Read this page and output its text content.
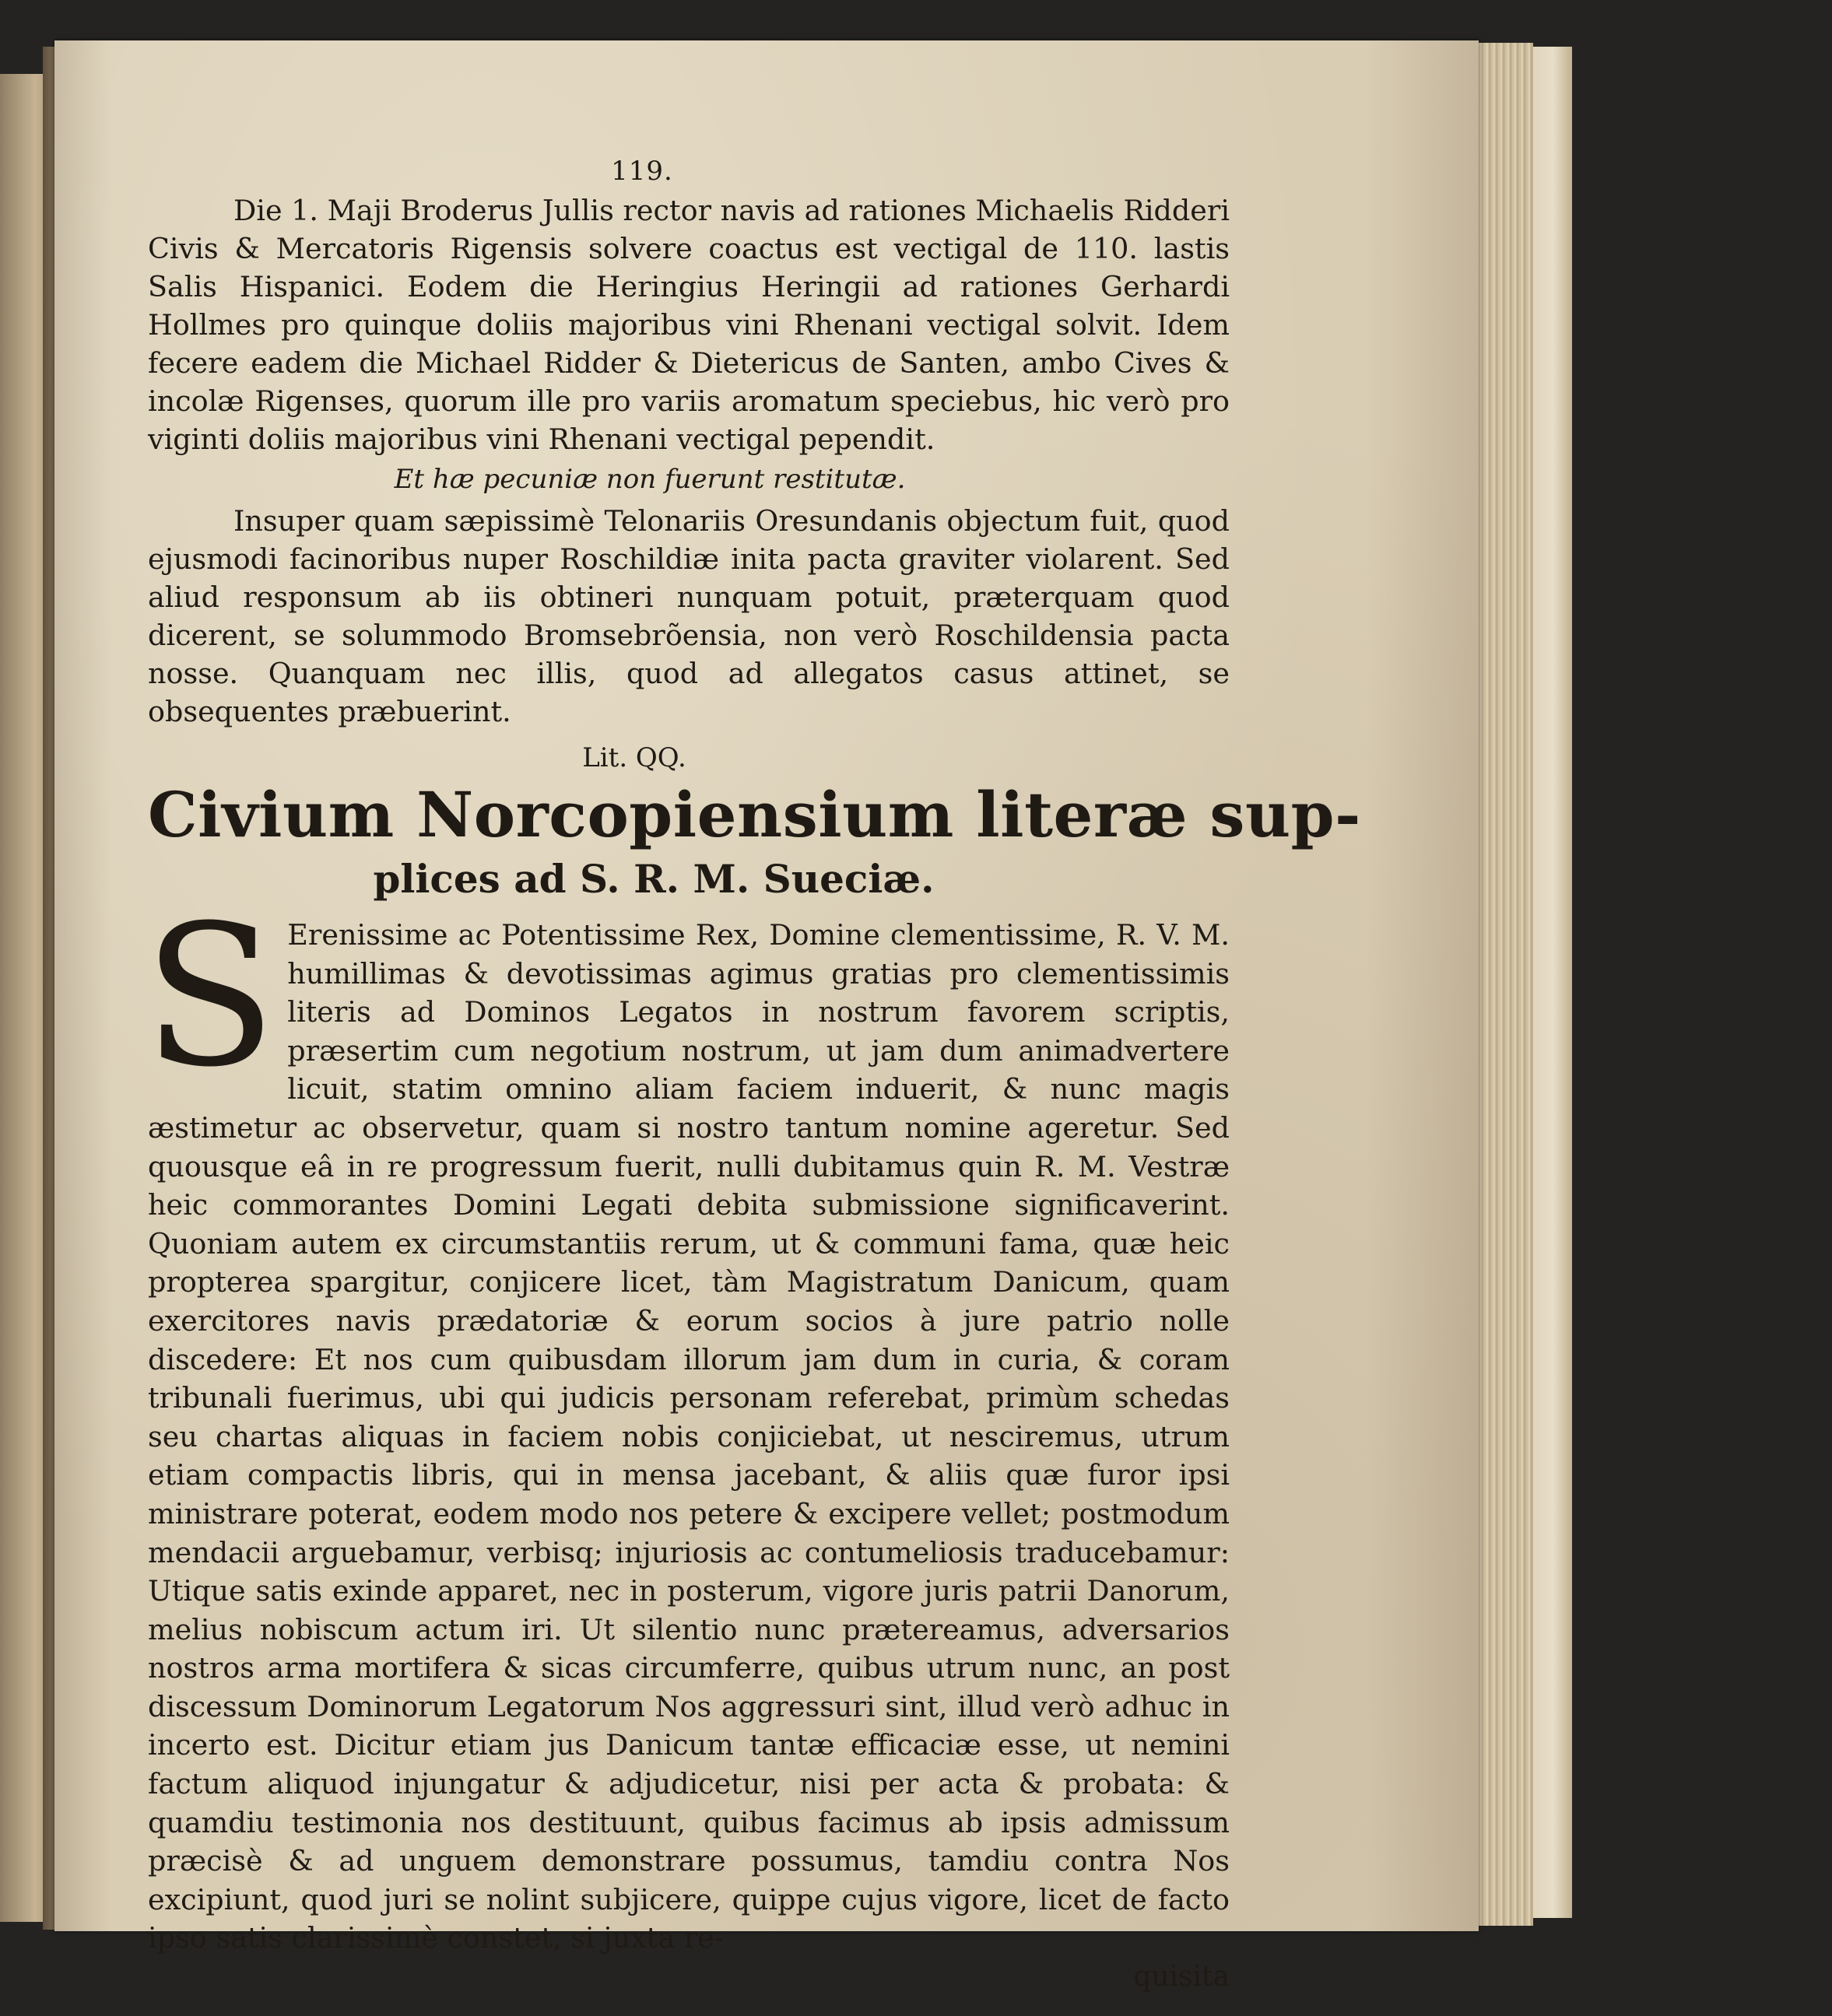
119.

Die 1. Maji Broderus Jullis rector navis ad rationes Michaelis Ridderi Civis & Mercatoris Rigensis solvere coactus est vectigal de 110. lastis Salis Hispanici. Eodem die Heringius Heringii ad rationes Gerhardi Hollmes pro quinque doliis majoribus vini Rhenani vectigal solvit. Idem fecere eadem die Michael Ridder & Dietericus de Santen, ambo Cives & incolæ Rigenses, quorum ille pro variis aromatum speciebus, hic verò pro viginti doliis majoribus vini Rhenani vectigal pependit.

Et hæ pecuniæ non fuerunt restitutæ.

Insuper quam sæpissimè Telonariis Oresundanis objectum fuit, quod ejusmodi facinoribus nuper Roschildiæ inita pacta graviter violarent. Sed aliud responsum ab iis obtineri nunquam potuit, præterquam quod dicerent, se solummodo Bromsebrõensia, non verò Roschildensia pacta nosse. Quanquam nec illis, quod ad allegatos casus attinet, se obsequentes præbuerint.

Lit. QQ.

Civium Norcopiensium literæ sup-
plices ad S. R. M. Sueciæ.

S Erenissime ac Potentissime Rex, Domine clementissime, R. V. M. humillimas & devotissimas agimus gratias pro clementissimis literis ad Dominos Legatos in nostrum favorem scriptis, præsertim cum negotium nostrum, ut jam dum animadvertere licuit, statim omnino aliam faciem induerit, & nunc magis æstimetur ac observetur, quam si nostro tantum nomine ageretur. Sed quousque eâ in re progressum fuerit, nulli dubitamus quin R. M. Vestræ heic commorantes Domini Legati debita submissione significaverint. Quoniam autem ex circumstantiis rerum, ut & communi fama, quæ heic propterea spargitur, conjicere licet, tàm Magistratum Danicum, quam exercitores navis prædatoriæ & eorum socios à jure patrio nolle discedere: Et nos cum quibusdam illorum jam dum in curia, & coram tribunali fuerimus, ubi qui judicis personam referebat, primùm schedas seu chartas aliquas in faciem nobis conjiciebat, ut nesciremus, utrum etiam compactis libris, qui in mensa jacebant, & aliis quæ furor ipsi ministrare poterat, eodem modo nos petere & excipere vellet; postmodum mendacii arguebamur, verbisq; injuriosis ac contumeliosis traducebamur: Utique satis exinde apparet, nec in posterum, vigore juris patrii Danorum, melius nobiscum actum iri. Ut silentio nunc prætereamus, adversarios nostros arma mortifera & sicas circumferre, quibus utrum nunc, an post discessum Dominorum Legatorum Nos aggressuri sint, illud verò adhuc in incerto est. Dicitur etiam jus Danicum tantæ efficaciæ esse, ut nemini factum aliquod injungatur & adjudicetur, nisi per acta & probata: & quamdiu testimonia nos destituunt, quibus facimus ab ipsis admissum præcisè & ad unguem demonstrare possumus, tamdiu contra Nos excipiunt, quod juri se nolint subjicere, quippe cujus vigore, licet de facto ipso satis clarissimè constet, si juxta re-

quisita
